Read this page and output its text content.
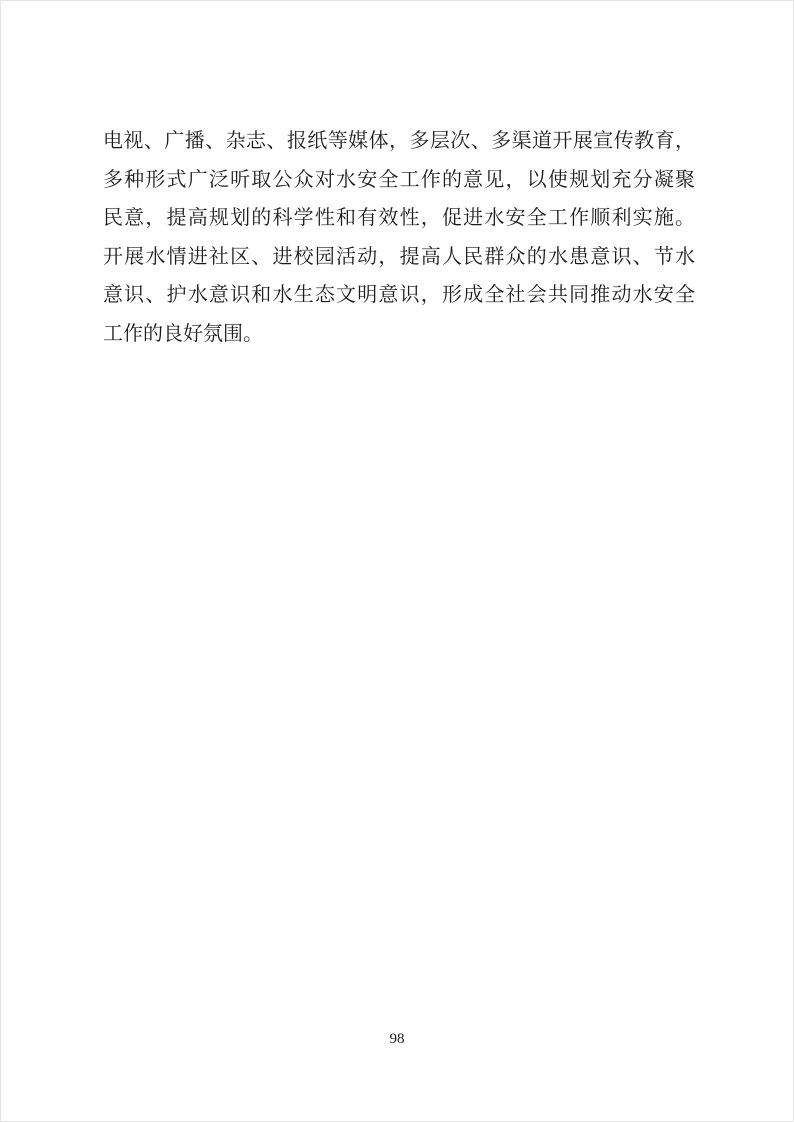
电视、广播、杂志、报纸等媒体，多层次、多渠道开展宣传教育，
多种形式广泛听取公众对水安全工作的意见，以使规划充分凝聚
民意，提高规划的科学性和有效性，促进水安全工作顺利实施。
开展水情进社区、进校园活动，提高人民群众的水患意识、节水
意识、护水意识和水生态文明意识，形成全社会共同推动水安全
工作的良好氛围。
98
